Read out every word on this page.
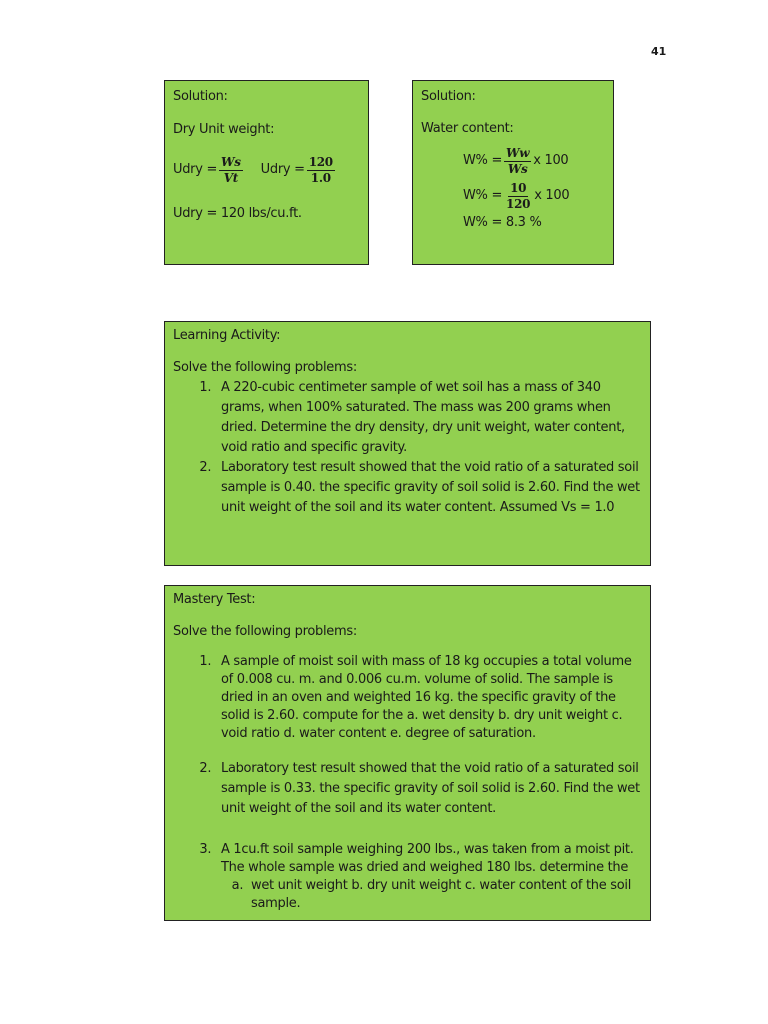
41

Solution:

Dry Unit weight:

Udry = $\frac{Ws}{Vt}$ Udry = $\frac{120}{1.0}$

Udry = 120 lbs/cu.ft.

Solution:

Water content:

$W\% = \frac{Ww}{Ws}$ x 100
$W\% = \frac{10}{120}$ x 100

W% = 8.3 %

Learning Activity:

Solve the following problems:

1. A 220-cubic centimeter sample of wet soil has a mass of 340 grams, when 100% saturated. The mass was 200 grams when dried. Determine the dry density, dry unit weight, water content, void ratio and specific gravity.
2. Laboratory test result showed that the void ratio of a saturated soil sample is 0.40. the specific gravity of soil solid is 2.60. Find the wet unit weight of the soil and its water content. Assumed Vs = 1.0

Mastery Test:

Solve the following problems:

1. A sample of moist soil with mass of 18 kg occupies a total volume of 0.008 cu. m. and 0.006 cu.m. volume of solid. The sample is dried in an oven and weighted 16 kg. the specific gravity of the solid is 2.60. compute for the a. wet density b. dry unit weight c. void ratio d. water content e. degree of saturation.
2. Laboratory test result showed that the void ratio of a saturated soil sample is 0.33. the specific gravity of soil solid is 2.60. Find the wet unit weight of the soil and its water content.
3. A 1cu.ft soil sample weighing 200 lbs., was taken from a moist pit. The whole sample was dried and weighed 180 lbs. determine the
a. wet unit weight b. dry unit weight c. water content of the soil sample.
